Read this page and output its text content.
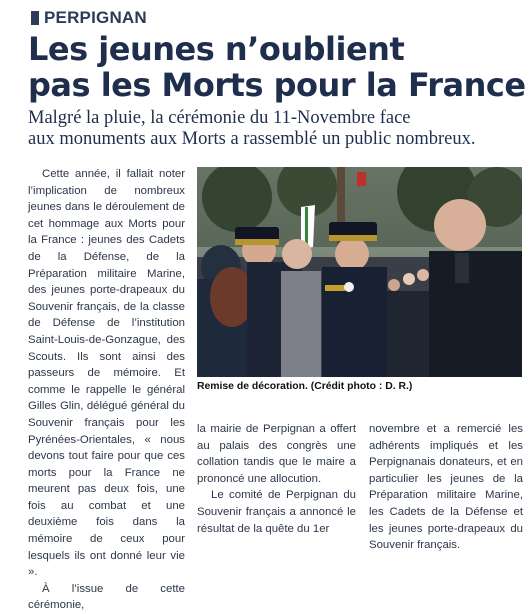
PERPIGNAN
Les jeunes n’oublient
pas les Morts pour la France

Malgré la pluie, la cérémonie du 11-Novembre face
aux monuments aux Morts a rassemblé un public nombreux.

Cette année, il fallait noter l’implication de nombreux jeunes dans le déroulement de cet hommage aux Morts pour la France : jeunes des Cadets de la Défense, de la Préparation militaire Marine, des jeunes porte-drapeaux du Souvenir français, de la classe de Défense de l’institution Saint-Louis-de-Gonzague, des Scouts. Ils sont ainsi des passeurs de mémoire. Et comme le rappelle le général Gilles Glin, délégué général du Souvenir français pour les Pyrénées-Orientales, « nous devons tout faire pour que ces morts pour la France ne meurent pas deux fois, une fois au combat et une deuxième fois dans la mémoire de ceux pour lesquels ils ont donné leur vie ».

À l’issue de cette cérémonie,

Remise de décoration. (Crédit photo : D. R.)

la mairie de Perpignan a offert au palais des congrès une collation tandis que le maire a prononcé une allocution.

Le comité de Perpignan du Souvenir français a annoncé le résultat de la quête du 1er

novembre et a remercié les adhérents impliqués et les Perpignanais donateurs, et en particulier les jeunes de la Préparation militaire Marine, les Cadets de la Défense et les jeunes porte-drapeaux du Souvenir français.
